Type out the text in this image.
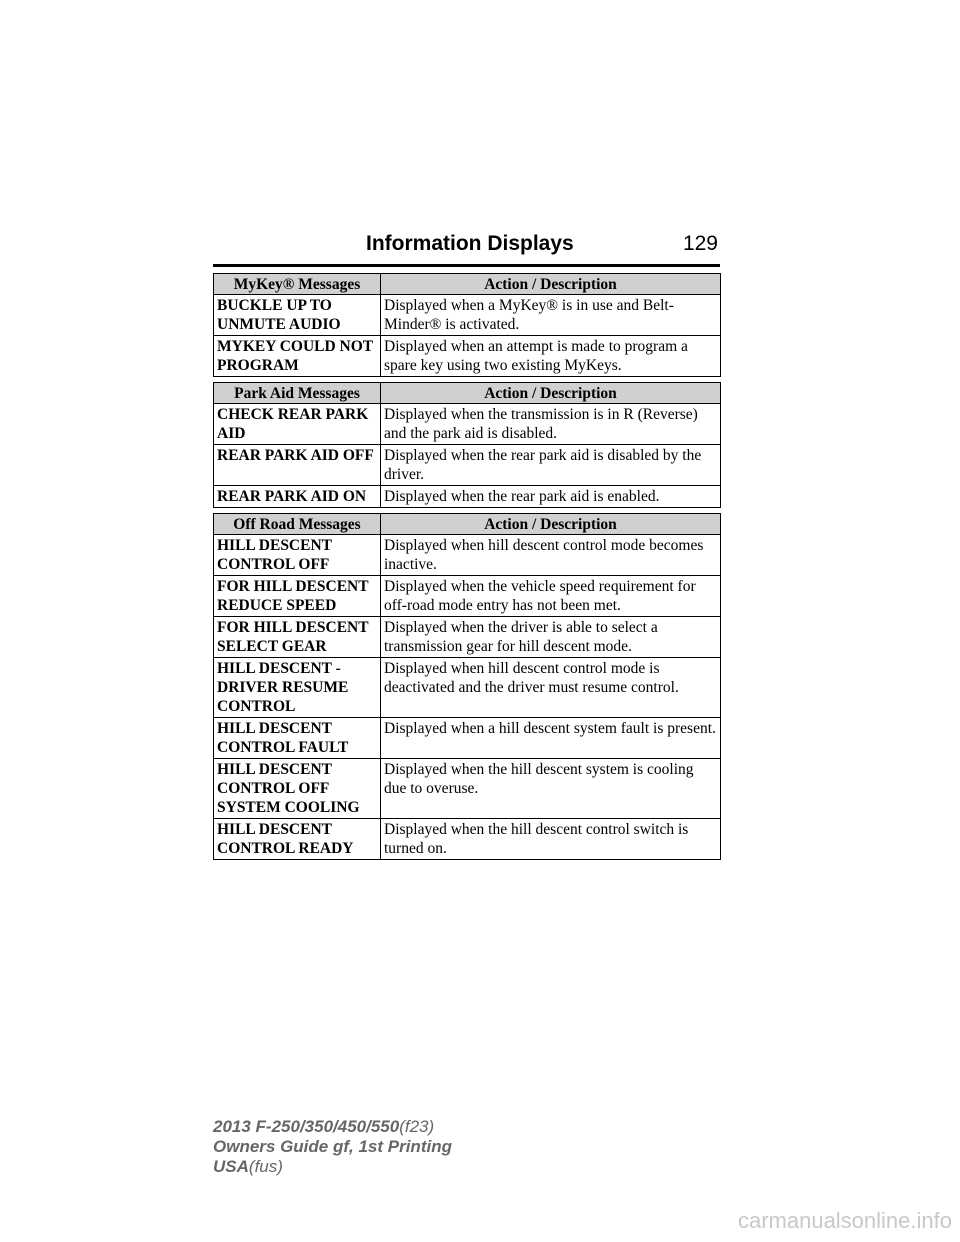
Information Displays	129
MyKey® Messages	Action / Description
BUCKLE UP TO UNMUTE AUDIO	Displayed when a MyKey® is in use and Belt-Minder® is activated.
MYKEY COULD NOT PROGRAM	Displayed when an attempt is made to program a spare key using two existing MyKeys.
Park Aid Messages	Action / Description
CHECK REAR PARK AID	Displayed when the transmission is in R (Reverse) and the park aid is disabled.
REAR PARK AID OFF	Displayed when the rear park aid is disabled by the driver.
REAR PARK AID ON	Displayed when the rear park aid is enabled.
Off Road Messages	Action / Description
HILL DESCENT CONTROL OFF	Displayed when hill descent control mode becomes inactive.
FOR HILL DESCENT REDUCE SPEED	Displayed when the vehicle speed requirement for off-road mode entry has not been met.
FOR HILL DESCENT SELECT GEAR	Displayed when the driver is able to select a transmission gear for hill descent mode.
HILL DESCENT - DRIVER RESUME CONTROL	Displayed when hill descent control mode is deactivated and the driver must resume control.
HILL DESCENT CONTROL FAULT	Displayed when a hill descent system fault is present.
HILL DESCENT CONTROL OFF SYSTEM COOLING	Displayed when the hill descent system is cooling due to overuse.
HILL DESCENT CONTROL READY	Displayed when the hill descent control switch is turned on.
2013 F-250/350/450/550(f23)
Owners Guide gf, 1st Printing
USA(fus)
carmanualsonline.info
